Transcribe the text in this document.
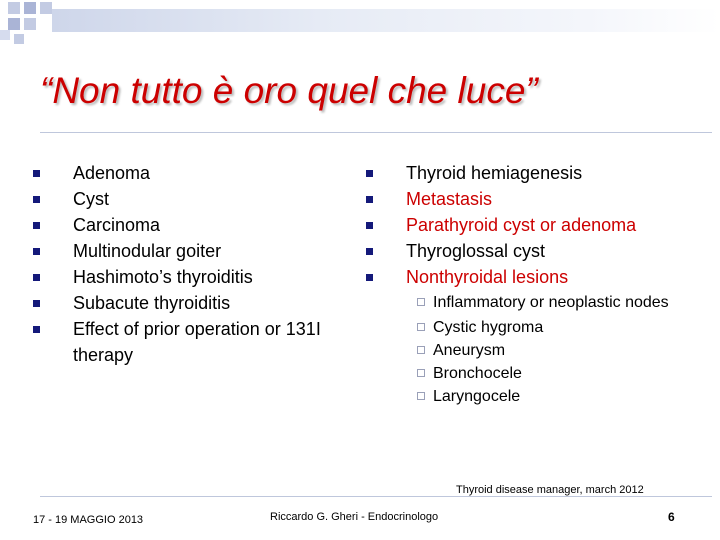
“Non tutto è oro quel che luce”
Adenoma
Cyst
Carcinoma
Multinodular goiter
Hashimoto’s thyroiditis
Subacute thyroiditis
Effect of prior operation or 131I therapy
Thyroid hemiagenesis
Metastasis
Parathyroid cyst or adenoma
Thyroglossal cyst
Nonthyroidal lesions
Inflammatory or neoplastic nodes
Cystic hygroma
Aneurysm
Bronchocele
Laryngocele
Thyroid disease manager, march 2012
17 - 19 MAGGIO 2013	Riccardo G. Gheri - Endocrinologo	6
